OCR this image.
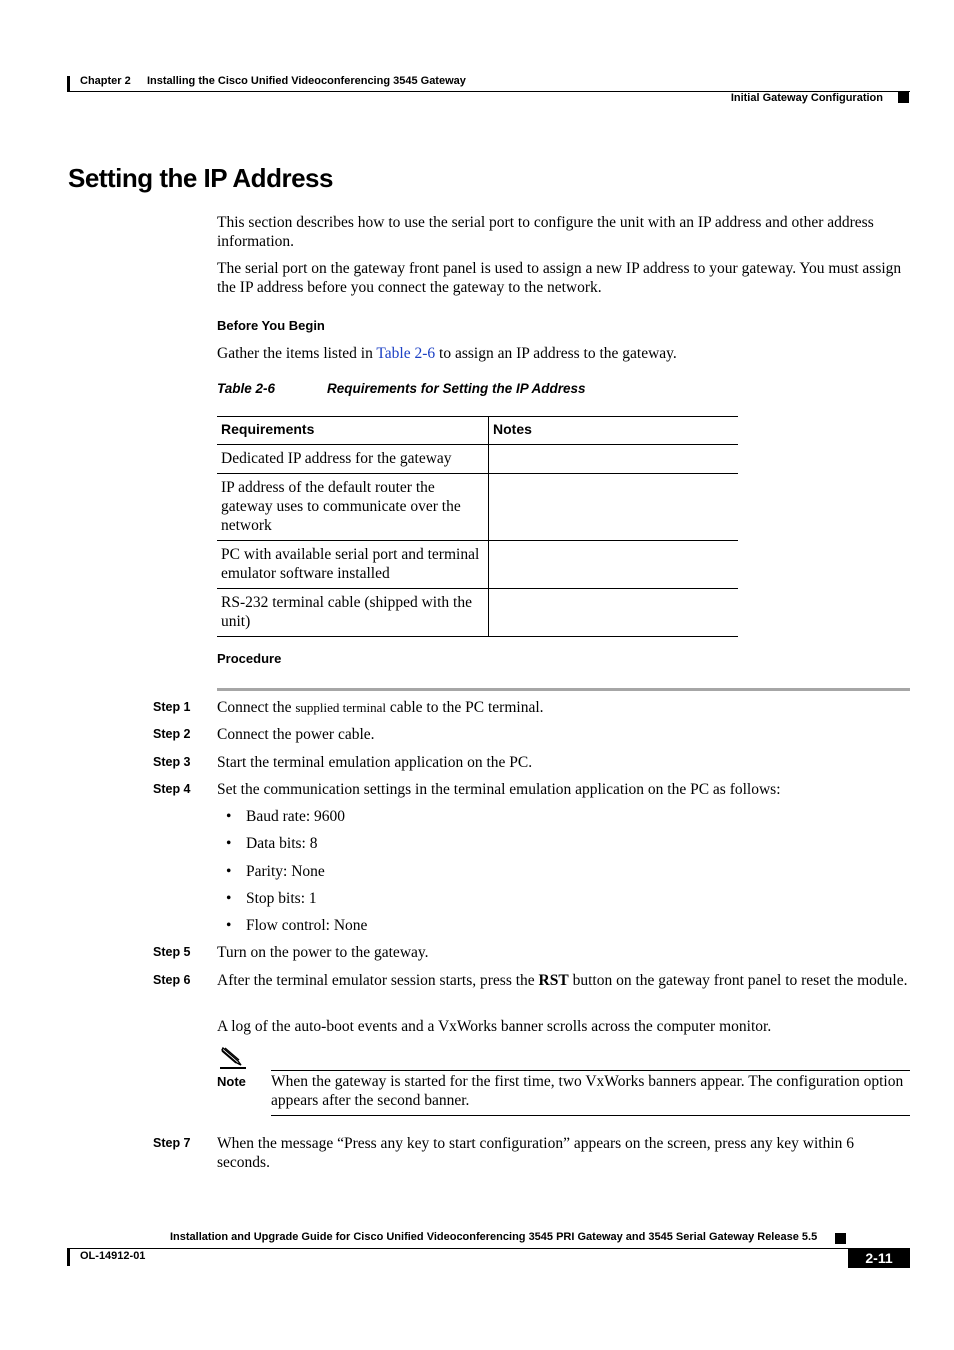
Chapter 2 Installing the Cisco Unified Videoconferencing 3545 Gateway
Initial Gateway Configuration
Setting the IP Address
This section describes how to use the serial port to configure the unit with an IP address and other address information.
The serial port on the gateway front panel is used to assign a new IP address to your gateway. You must assign the IP address before you connect the gateway to the network.
Before You Begin
Gather the items listed in Table 2-6 to assign an IP address to the gateway.
Table 2-6	Requirements for Setting the IP Address
Requirements	Notes
Dedicated IP address for the gateway	
IP address of the default router the gateway uses to communicate over the network	
PC with available serial port and terminal emulator software installed	
RS-232 terminal cable (shipped with the unit)	
Procedure
Step 1 Connect the supplied terminal cable to the PC terminal.
Step 2 Connect the power cable.
Step 3 Start the terminal emulation application on the PC.
Step 4 Set the communication settings in the terminal emulation application on the PC as follows:
• Baud rate: 9600
• Data bits: 8
• Parity: None
• Stop bits: 1
• Flow control: None
Step 5 Turn on the power to the gateway.
Step 6 After the terminal emulator session starts, press the RST button on the gateway front panel to reset the module.
A log of the auto-boot events and a VxWorks banner scrolls across the computer monitor.
Note When the gateway is started for the first time, two VxWorks banners appear. The configuration option appears after the second banner.
Step 7 When the message “Press any key to start configuration” appears on the screen, press any key within 6 seconds.
Installation and Upgrade Guide for Cisco Unified Videoconferencing 3545 PRI Gateway and 3545 Serial Gateway Release 5.5
OL-14912-01	2-11
